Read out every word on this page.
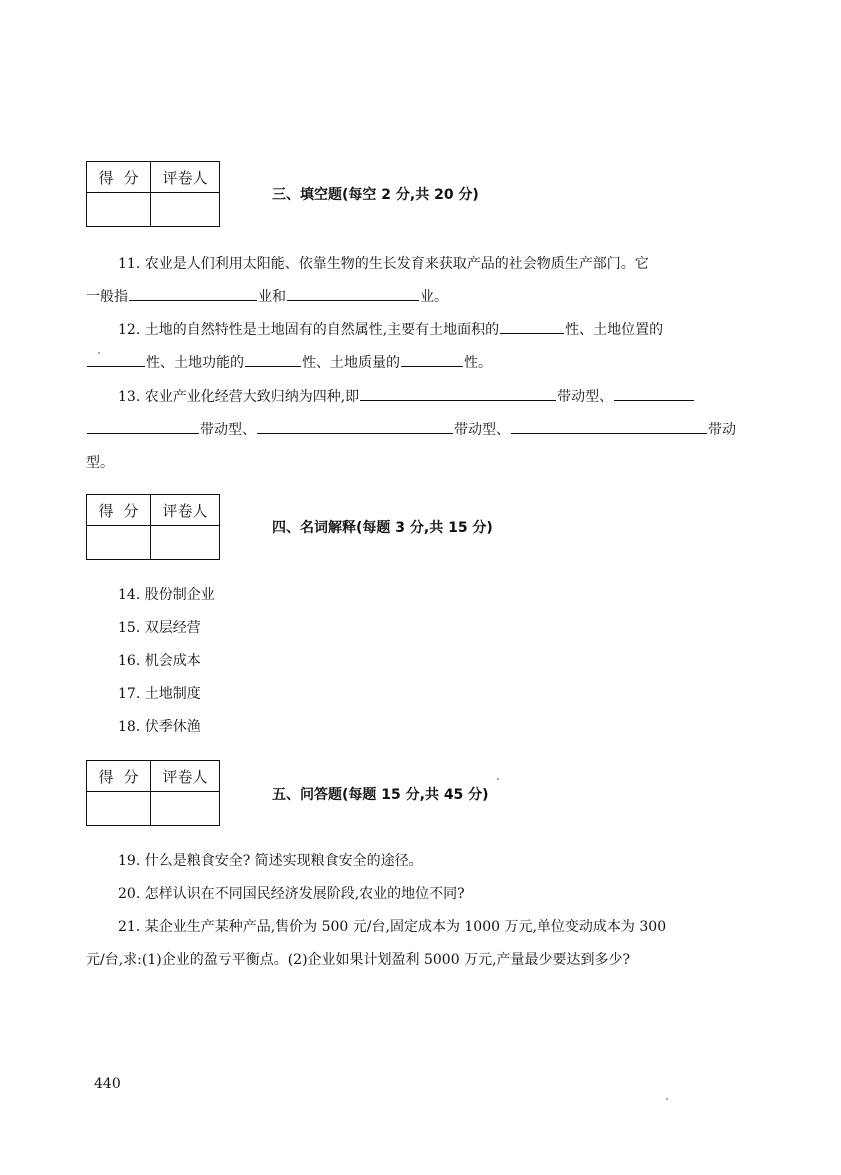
得分 评卷人
三、填空题(每空 2 分,共 20 分)
11. 农业是人们利用太阳能、依靠生物的生长发育来获取产品的社会物质生产部门。它
一般指	业和	业。
12. 土地的自然特性是土地固有的自然属性,主要有土地面积的	性、土地位置的
性、土地功能的	性、土地质量的	性。
13. 农业产业化经营大致归纳为四种,即	带动型、
带动型、	带动型、	带动
型。
得分 评卷人
四、名词解释(每题 3 分,共 15 分)
14. 股份制企业
15. 双层经营
16. 机会成本
17. 土地制度
18. 伏季休渔
得分 评卷人
五、问答题(每题 15 分,共 45 分)
19. 什么是粮食安全? 简述实现粮食安全的途径。
20. 怎样认识在不同国民经济发展阶段,农业的地位不同?
21. 某企业生产某种产品,售价为 500 元/台,固定成本为 1000 万元,单位变动成本为 300
元/台,求:(1)企业的盈亏平衡点。(2)企业如果计划盈利 5000 万元,产量最少要达到多少?
440
